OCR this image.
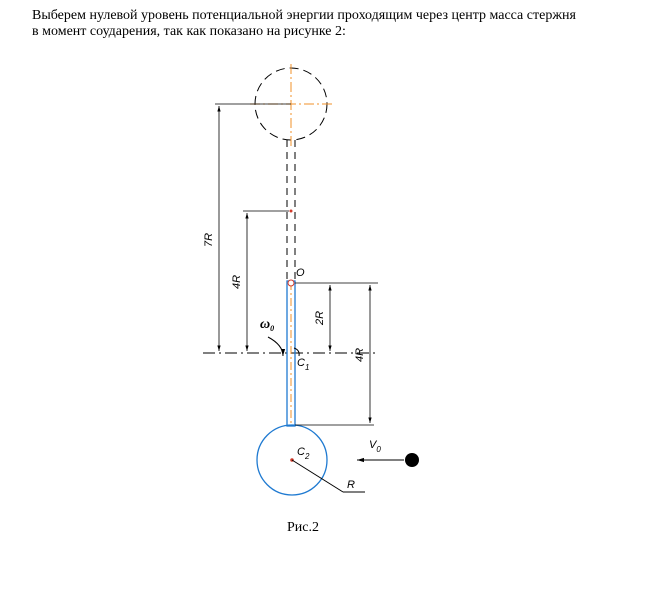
Выберем нулевой уровень потенциальной энергии проходящим через центр масса стержня
в момент соударения, так как показано на рисунке 2:
7R
4R
2R
4R
O
ω0
$C_1$
$C_2$
R
$V_0$
Рис.2
